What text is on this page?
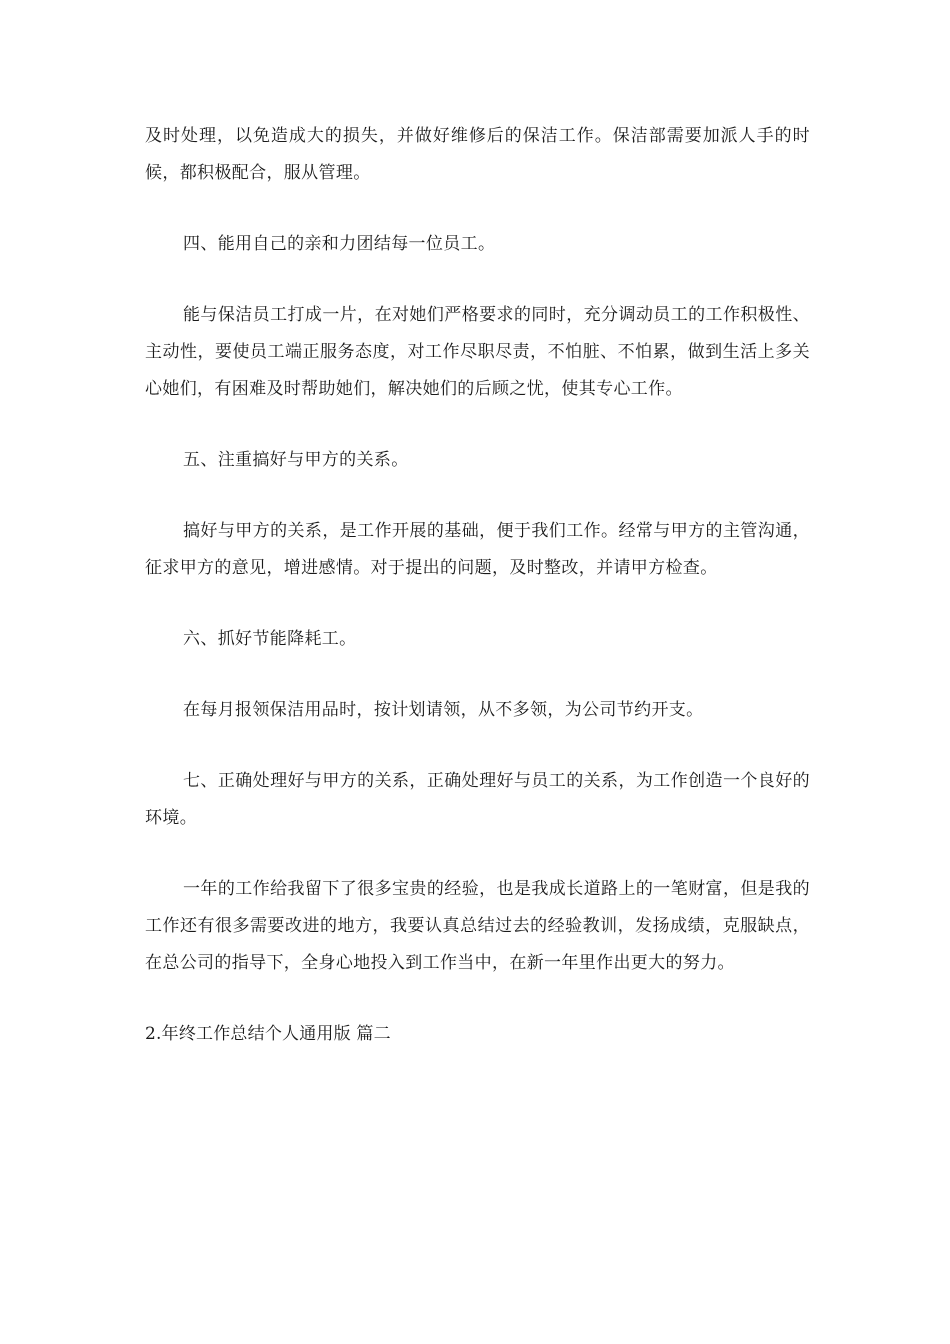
及时处理，以免造成大的损失，并做好维修后的保洁工作。保洁部需要加派人手的时候，都积极配合，服从管理。

四、能用自己的亲和力团结每一位员工。

能与保洁员工打成一片，在对她们严格要求的同时，充分调动员工的工作积极性、主动性，要使员工端正服务态度，对工作尽职尽责，不怕脏、不怕累，做到生活上多关心她们，有困难及时帮助她们，解决她们的后顾之忧，使其专心工作。

五、注重搞好与甲方的关系。

搞好与甲方的关系，是工作开展的基础，便于我们工作。经常与甲方的主管沟通，征求甲方的意见，增进感情。对于提出的问题，及时整改，并请甲方检查。

六、抓好节能降耗工。

在每月报领保洁用品时，按计划请领，从不多领，为公司节约开支。

七、正确处理好与甲方的关系，正确处理好与员工的关系，为工作创造一个良好的环境。

一年的工作给我留下了很多宝贵的经验，也是我成长道路上的一笔财富，但是我的工作还有很多需要改进的地方，我要认真总结过去的经验教训，发扬成绩，克服缺点，在总公司的指导下，全身心地投入到工作当中，在新一年里作出更大的努力。

2.年终工作总结个人通用版 篇二
